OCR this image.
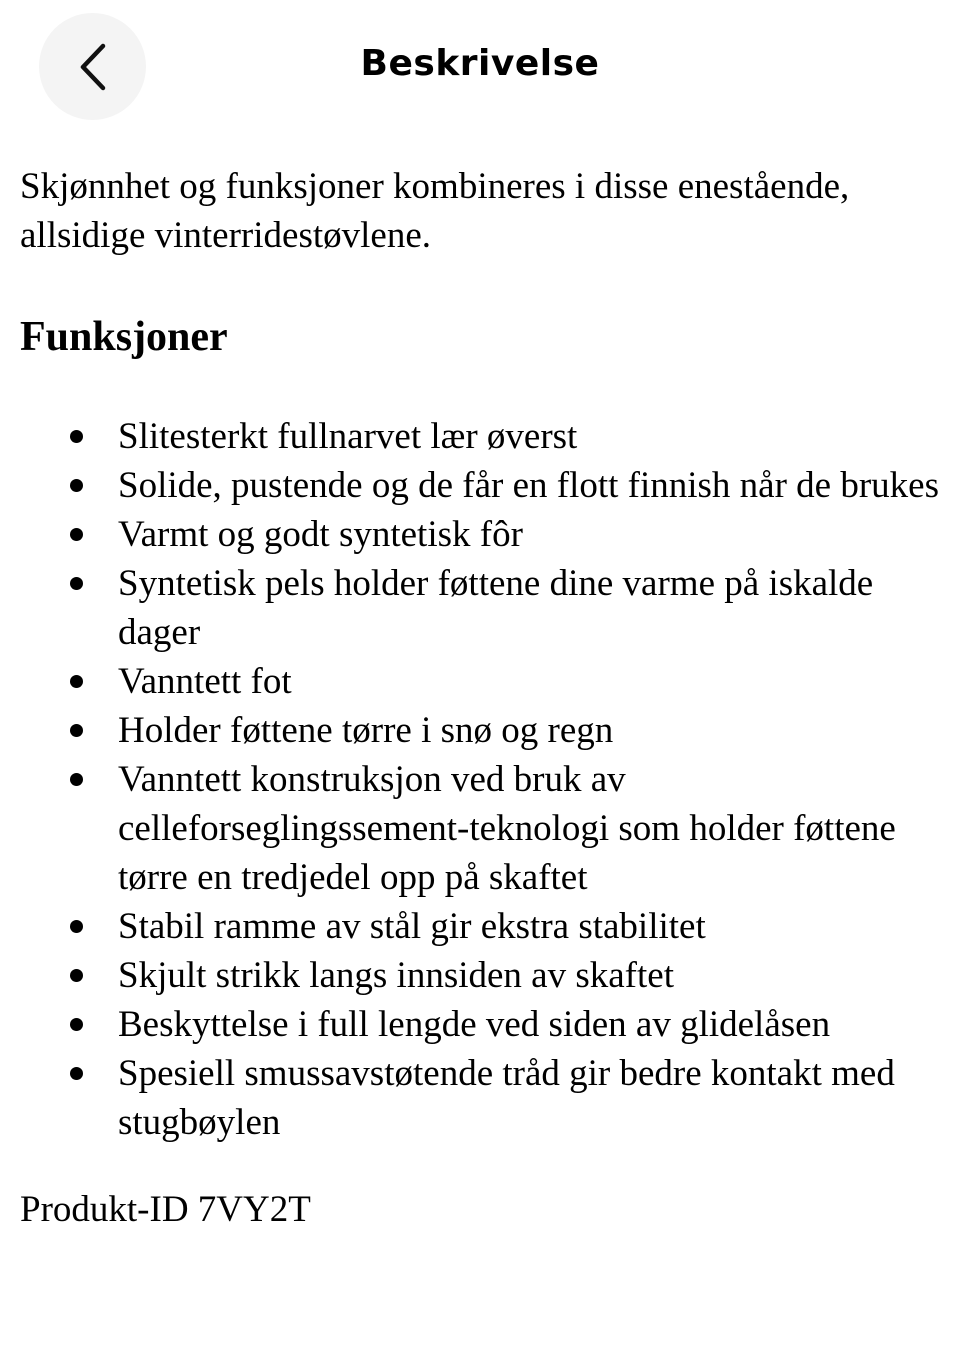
Beskrivelse

Skjønnhet og funksjoner kombineres i disse enestående, allsidige vinterridestøvlene.

Funksjoner
Slitesterkt fullnarvet lær øverst
Solide, pustende og de får en flott finnish når de brukes
Varmt og godt syntetisk fôr
Syntetisk pels holder føttene dine varme på iskalde dager
Vanntett fot
Holder føttene tørre i snø og regn
Vanntett konstruksjon ved bruk av celleforseglingssement-teknologi som holder føttene tørre en tredjedel opp på skaftet
Stabil ramme av stål gir ekstra stabilitet
Skjult strikk langs innsiden av skaftet
Beskyttelse i full lengde ved siden av glidelåsen
Spesiell smussavstøtende tråd gir bedre kontakt med stugbøylen

Produkt-ID 7VY2T
